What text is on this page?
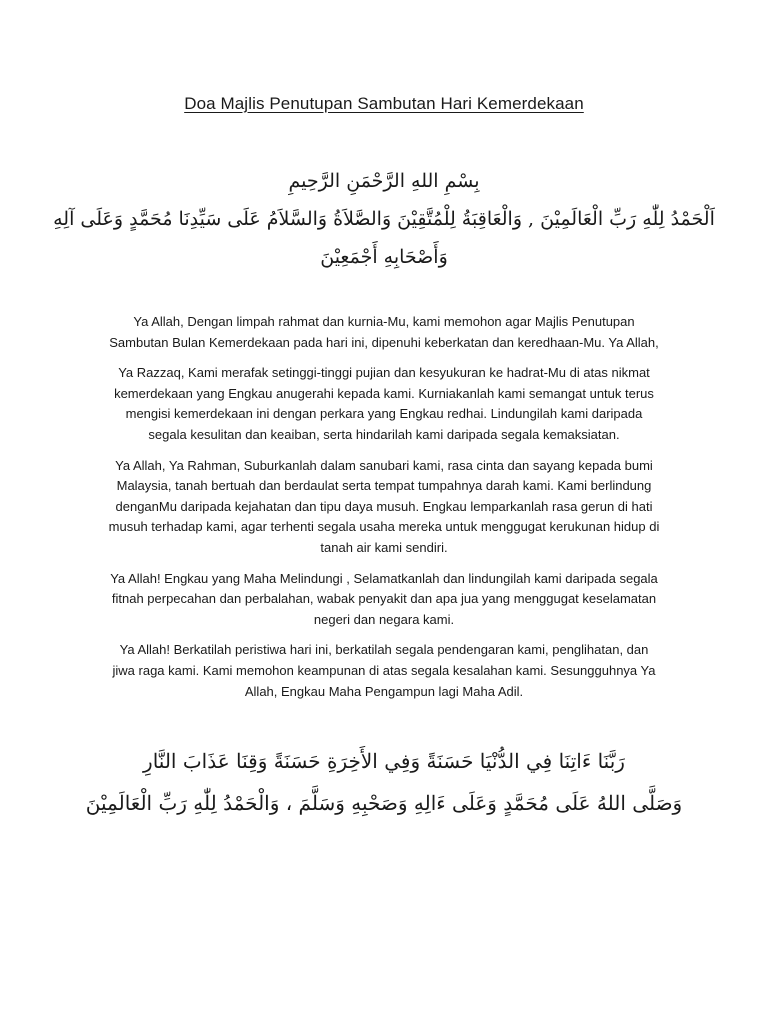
Doa Majlis Penutupan Sambutan Hari Kemerdekaan
بِسْمِ اللهِ الرَّحْمَنِ الرَّحِيمِ
اَلْحَمْدُ لِلّٰهِ رَبِّ الْعَالَمِيْنَ , وَالْعَاقِبَةُ لِلْمُتَّقِيْنَ وَالصَّلاَةُ وَالسَّلاَمُ عَلَى سَيِّدِنَا مُحَمَّدٍ وَعَلَى آلِهِ
وَأَصْحَابِهِ أَجْمَعِيْنَ

Ya Allah, Dengan limpah rahmat dan kurnia-Mu, kami memohon agar Majlis Penutupan
Sambutan Bulan Kemerdekaan pada hari ini, dipenuhi keberkatan dan keredhaan-Mu. Ya Allah,

Ya Razzaq, Kami merafak setinggi-tinggi pujian dan kesyukuran ke hadrat-Mu di atas nikmat
kemerdekaan yang Engkau anugerahi kepada kami. Kurniakanlah kami semangat untuk terus
mengisi kemerdekaan ini dengan perkara yang Engkau redhai. Lindungilah kami daripada
segala kesulitan dan keaiban, serta hindarilah kami daripada segala kemaksiatan.

Ya Allah, Ya Rahman, Suburkanlah dalam sanubari kami, rasa cinta dan sayang kepada bumi
Malaysia, tanah bertuah dan berdaulat serta tempat tumpahnya darah kami. Kami berlindung
denganMu daripada kejahatan dan tipu daya musuh. Engkau lemparkanlah rasa gerun di hati
musuh terhadap kami, agar terhenti segala usaha mereka untuk menggugat kerukunan hidup di
tanah air kami sendiri.

Ya Allah! Engkau yang Maha Melindungi , Selamatkanlah dan lindungilah kami daripada segala
fitnah perpecahan dan perbalahan, wabak penyakit dan apa jua yang menggugat keselamatan
negeri dan negara kami.

Ya Allah! Berkatilah peristiwa hari ini, berkatilah segala pendengaran kami, penglihatan, dan
jiwa raga kami. Kami memohon keampunan di atas segala kesalahan kami. Sesungguhnya Ya
Allah, Engkau Maha Pengampun lagi Maha Adil.

رَبَّنَا ءَاتِنَا فِي الدُّنْيَا حَسَنَةً وَفِي الأَخِرَةِ حَسَنَةً وَقِنَا عَذَابَ النَّارِ
وَصَلَّى اللهُ عَلَى مُحَمَّدٍ وَعَلَى ءَالِهِ وَصَحْبِهِ وَسَلَّمَ ، وَالْحَمْدُ لِلّٰهِ رَبِّ الْعَالَمِيْنَ
